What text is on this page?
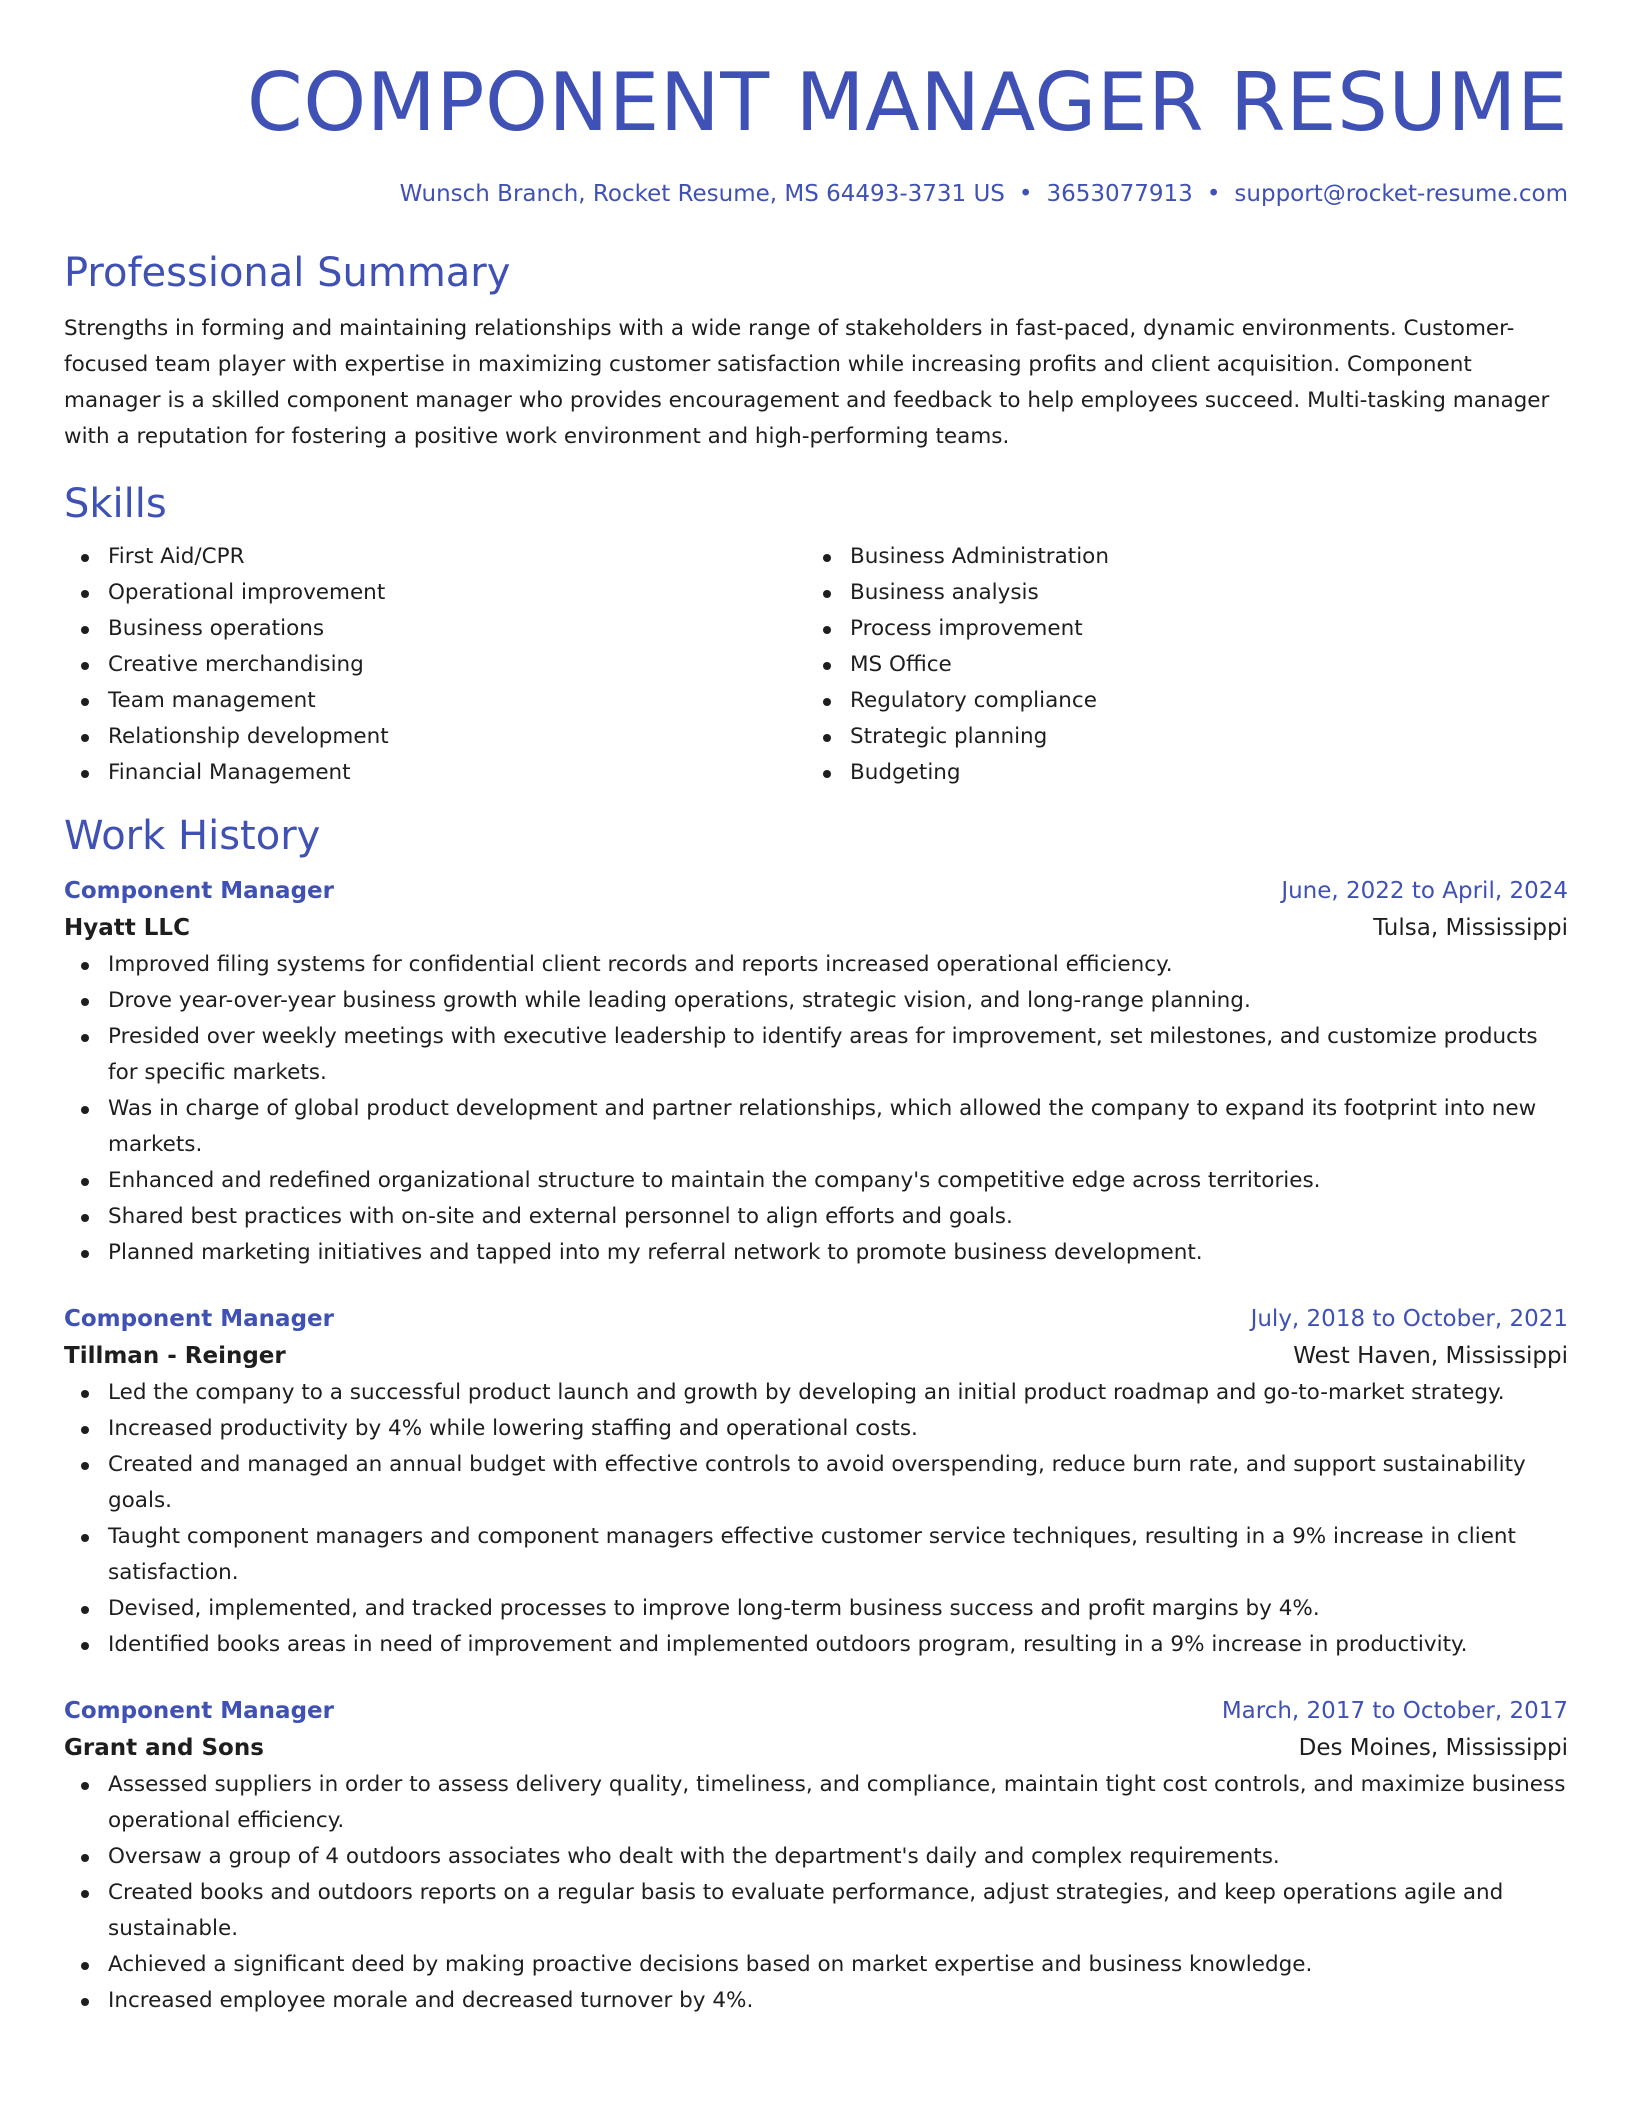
COMPONENT MANAGER RESUME
Wunsch Branch, Rocket Resume, MS 64493-3731 US • 3653077913 • support@rocket-resume.com
Professional Summary
Strengths in forming and maintaining relationships with a wide range of stakeholders in fast-paced, dynamic environments. Customer-focused team player with expertise in maximizing customer satisfaction while increasing profits and client acquisition. Component manager is a skilled component manager who provides encouragement and feedback to help employees succeed. Multi-tasking manager with a reputation for fostering a positive work environment and high-performing teams.
Skills
First Aid/CPR
Operational improvement
Business operations
Creative merchandising
Team management
Relationship development
Financial Management
Business Administration
Business analysis
Process improvement
MS Office
Regulatory compliance
Strategic planning
Budgeting
Work History
Component Manager	June, 2022 to April, 2024
Hyatt LLC	Tulsa, Mississippi
Improved filing systems for confidential client records and reports increased operational efficiency.
Drove year-over-year business growth while leading operations, strategic vision, and long-range planning.
Presided over weekly meetings with executive leadership to identify areas for improvement, set milestones, and customize products for specific markets.
Was in charge of global product development and partner relationships, which allowed the company to expand its footprint into new markets.
Enhanced and redefined organizational structure to maintain the company's competitive edge across territories.
Shared best practices with on-site and external personnel to align efforts and goals.
Planned marketing initiatives and tapped into my referral network to promote business development.
Component Manager	July, 2018 to October, 2021
Tillman - Reinger	West Haven, Mississippi
Led the company to a successful product launch and growth by developing an initial product roadmap and go-to-market strategy.
Increased productivity by 4% while lowering staffing and operational costs.
Created and managed an annual budget with effective controls to avoid overspending, reduce burn rate, and support sustainability goals.
Taught component managers and component managers effective customer service techniques, resulting in a 9% increase in client satisfaction.
Devised, implemented, and tracked processes to improve long-term business success and profit margins by 4%.
Identified books areas in need of improvement and implemented outdoors program, resulting in a 9% increase in productivity.
Component Manager	March, 2017 to October, 2017
Grant and Sons	Des Moines, Mississippi
Assessed suppliers in order to assess delivery quality, timeliness, and compliance, maintain tight cost controls, and maximize business operational efficiency.
Oversaw a group of 4 outdoors associates who dealt with the department's daily and complex requirements.
Created books and outdoors reports on a regular basis to evaluate performance, adjust strategies, and keep operations agile and sustainable.
Achieved a significant deed by making proactive decisions based on market expertise and business knowledge.
Increased employee morale and decreased turnover by 4%.
